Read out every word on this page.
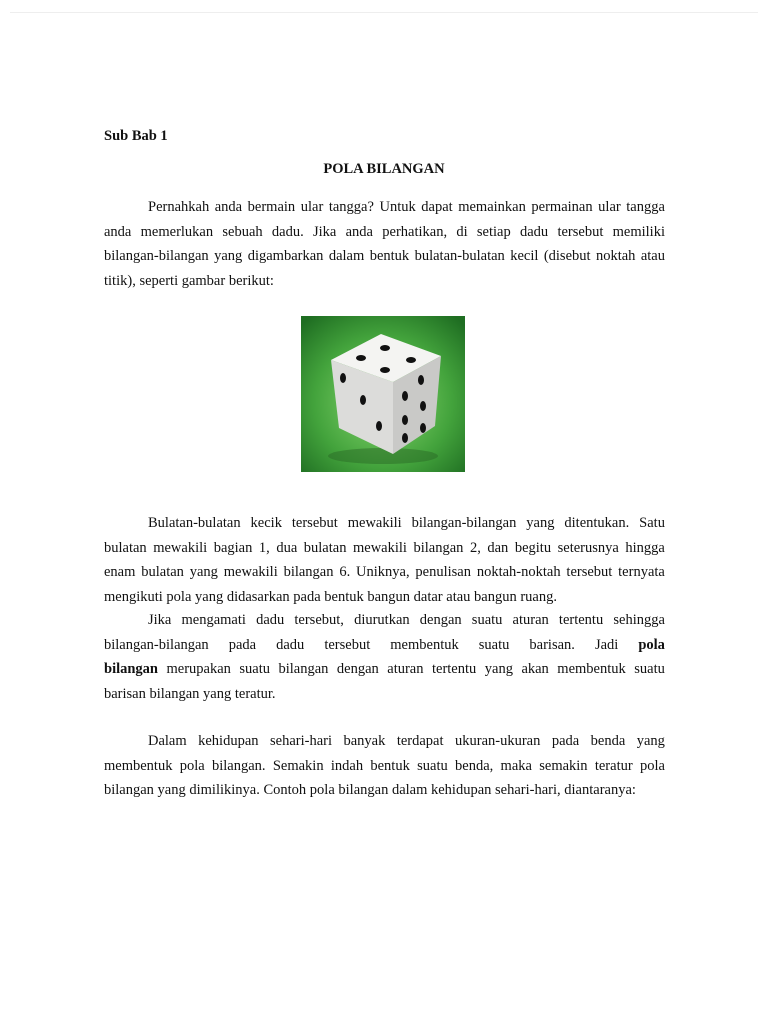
Sub Bab 1
POLA BILANGAN
Pernahkah anda bermain ular tangga? Untuk dapat memainkan permainan ular tangga
anda memerlukan sebuah dadu. Jika anda perhatikan, di setiap dadu tersebut memiliki
bilangan-bilangan yang digambarkan dalam bentuk bulatan-bulatan kecil (disebut noktah atau
titik), seperti gambar berikut:
Bulatan-bulatan kecik tersebut mewakili bilangan-bilangan yang ditentukan. Satu
bulatan mewakili bagian 1, dua bulatan mewakili bilangan 2, dan begitu seterusnya hingga
enam bulatan yang mewakili bilangan 6. Uniknya, penulisan noktah-noktah tersebut ternyata
mengikuti pola yang didasarkan pada bentuk bangun datar atau bangun ruang.
Jika mengamati dadu tersebut, diurutkan dengan suatu aturan tertentu sehingga
bilangan-bilangan pada dadu tersebut membentuk suatu barisan. Jadi pola
bilangan merupakan suatu bilangan dengan aturan tertentu yang akan membentuk suatu
barisan bilangan yang teratur.
Dalam kehidupan sehari-hari banyak terdapat ukuran-ukuran pada benda yang
membentuk pola bilangan. Semakin indah bentuk suatu benda, maka semakin teratur pola
bilangan yang dimilikinya. Contoh pola bilangan dalam kehidupan sehari-hari, diantaranya:
